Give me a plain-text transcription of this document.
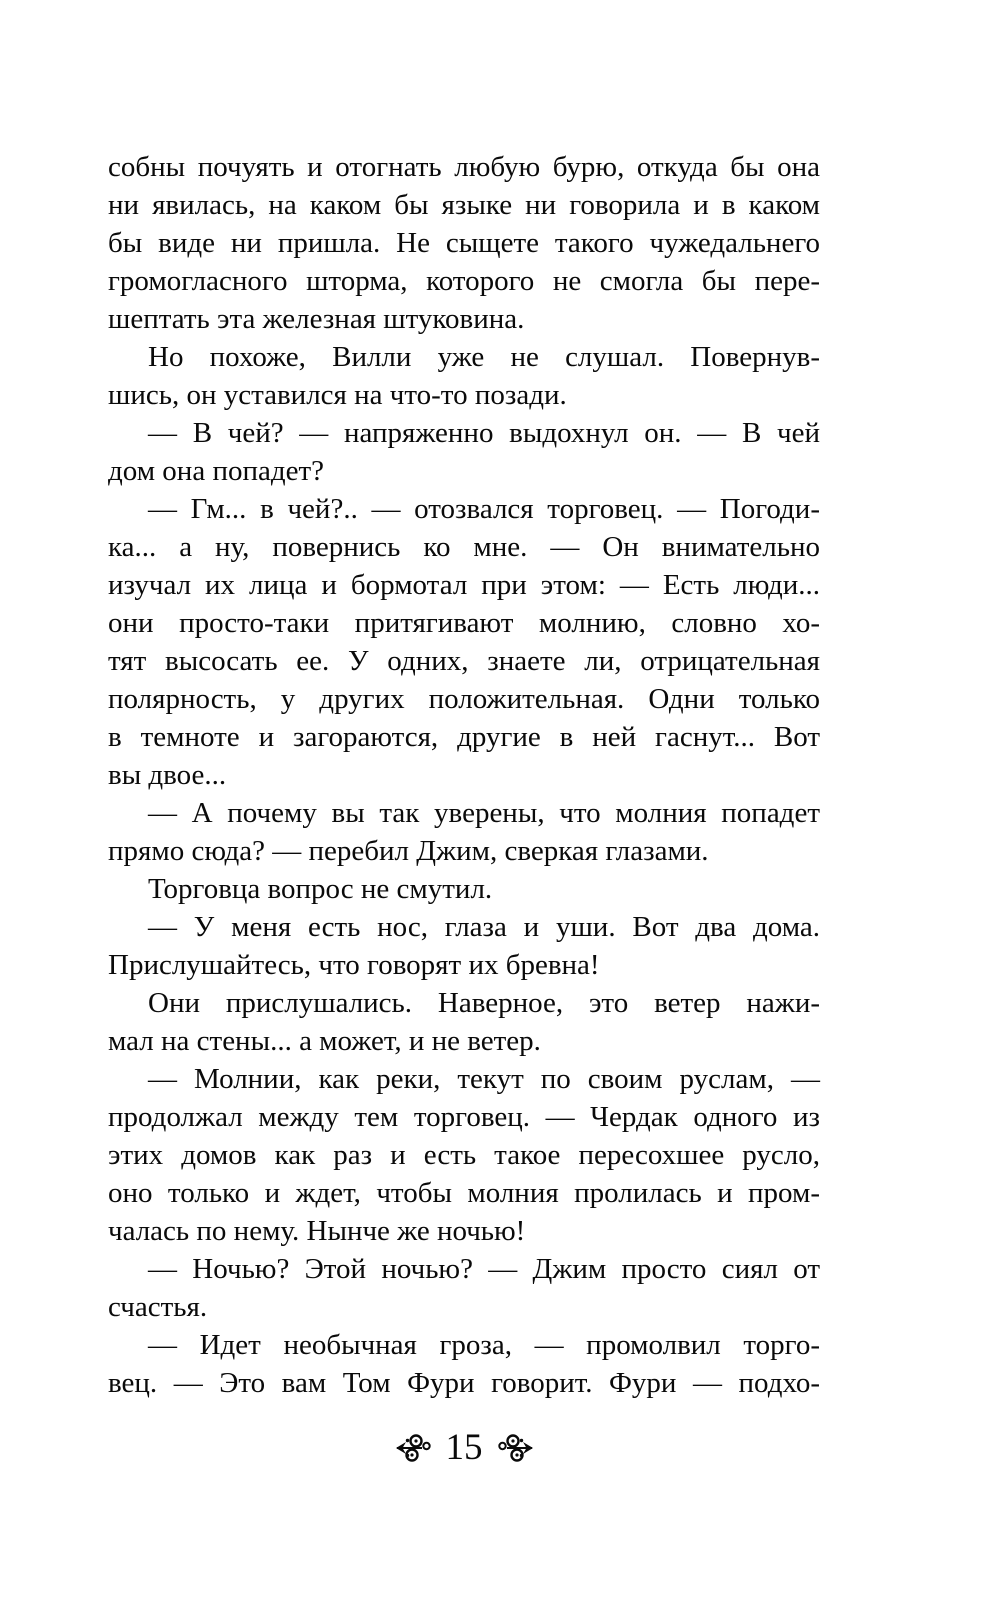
собны почуять и отогнать любую бурю, откуда бы она
ни явилась, на каком бы языке ни говорила и в каком
бы виде ни пришла. Не сыщете такого чужедальнего
громогласного шторма, которого не смогла бы пере-
шептать эта железная штуковина.
Но похоже, Вилли уже не слушал. Повернув-
шись, он уставился на что-то позади.
— В чей? — напряженно выдохнул он. — В чей
дом она попадет?
— Гм... в чей?.. — отозвался торговец. — Погоди-
ка... а ну, повернись ко мне. — Он внимательно
изучал их лица и бормотал при этом: — Есть люди...
они просто-таки притягивают молнию, словно хо-
тят высосать ее. У одних, знаете ли, отрицательная
полярность, у других положительная. Одни только
в темноте и загораются, другие в ней гаснут... Вот
вы двое...
— А почему вы так уверены, что молния попадет
прямо сюда? — перебил Джим, сверкая глазами.
Торговца вопрос не смутил.
— У меня есть нос, глаза и уши. Вот два дома.
Прислушайтесь, что говорят их бревна!
Они прислушались. Наверное, это ветер нажи-
мал на стены... а может, и не ветер.
— Молнии, как реки, текут по своим руслам, —
продолжал между тем торговец. — Чердак одного из
этих домов как раз и есть такое пересохшее русло,
оно только и ждет, чтобы молния пролилась и пром-
чалась по нему. Нынче же ночью!
— Ночью? Этой ночью? — Джим просто сиял от
счастья.
— Идет необычная гроза, — промолвил торго-
вец. — Это вам Том Фури говорит. Фури — подхо-
15
